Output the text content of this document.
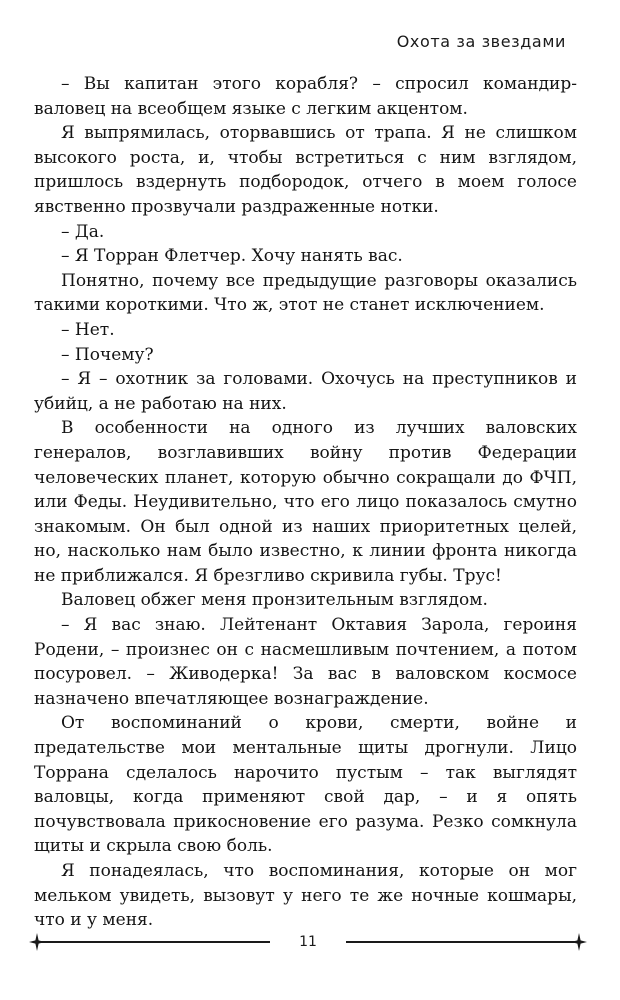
Охота за звездами

– Вы капитан этого корабля? – спросил командир-валовец на всеобщем языке с легким акцентом.

Я выпрямилась, оторвавшись от трапа. Я не слишком высокого роста, и, чтобы встретиться с ним взглядом, пришлось вздернуть подбородок, отчего в моем голосе явственно прозвучали раздраженные нотки.

– Да.

– Я Торран Флетчер. Хочу нанять вас.

Понятно, почему все предыдущие разговоры оказались такими короткими. Что ж, этот не станет исключением.

– Нет.

– Почему?

– Я – охотник за головами. Охочусь на преступников и убийц, а не работаю на них.

В особенности на одного из лучших валовских генералов, возглавивших войну против Федерации человеческих планет, которую обычно сокращали до ФЧП, или Феды. Неудивительно, что его лицо показалось смутно знакомым. Он был одной из наших приоритетных целей, но, насколько нам было известно, к линии фронта никогда не приближался. Я брезгливо скривила губы. Трус!

Валовец обжег меня пронзительным взглядом.

– Я вас знаю. Лейтенант Октавия Зарола, героиня Родени, – произнес он с насмешливым почтением, а потом посуровел. – Живодерка! За вас в валовском космосе назначено впечатляющее вознаграждение.

От воспоминаний о крови, смерти, войне и предательстве мои ментальные щиты дрогнули. Лицо Торрана сделалось нарочито пустым – так выглядят валовцы, когда применяют свой дар, – и я опять почувствовала прикосновение его разума. Резко сомкнула щиты и скрыла свою боль.

Я понадеялась, что воспоминания, которые он мог мельком увидеть, вызовут у него те же ночные кошмары, что и у меня.

11
